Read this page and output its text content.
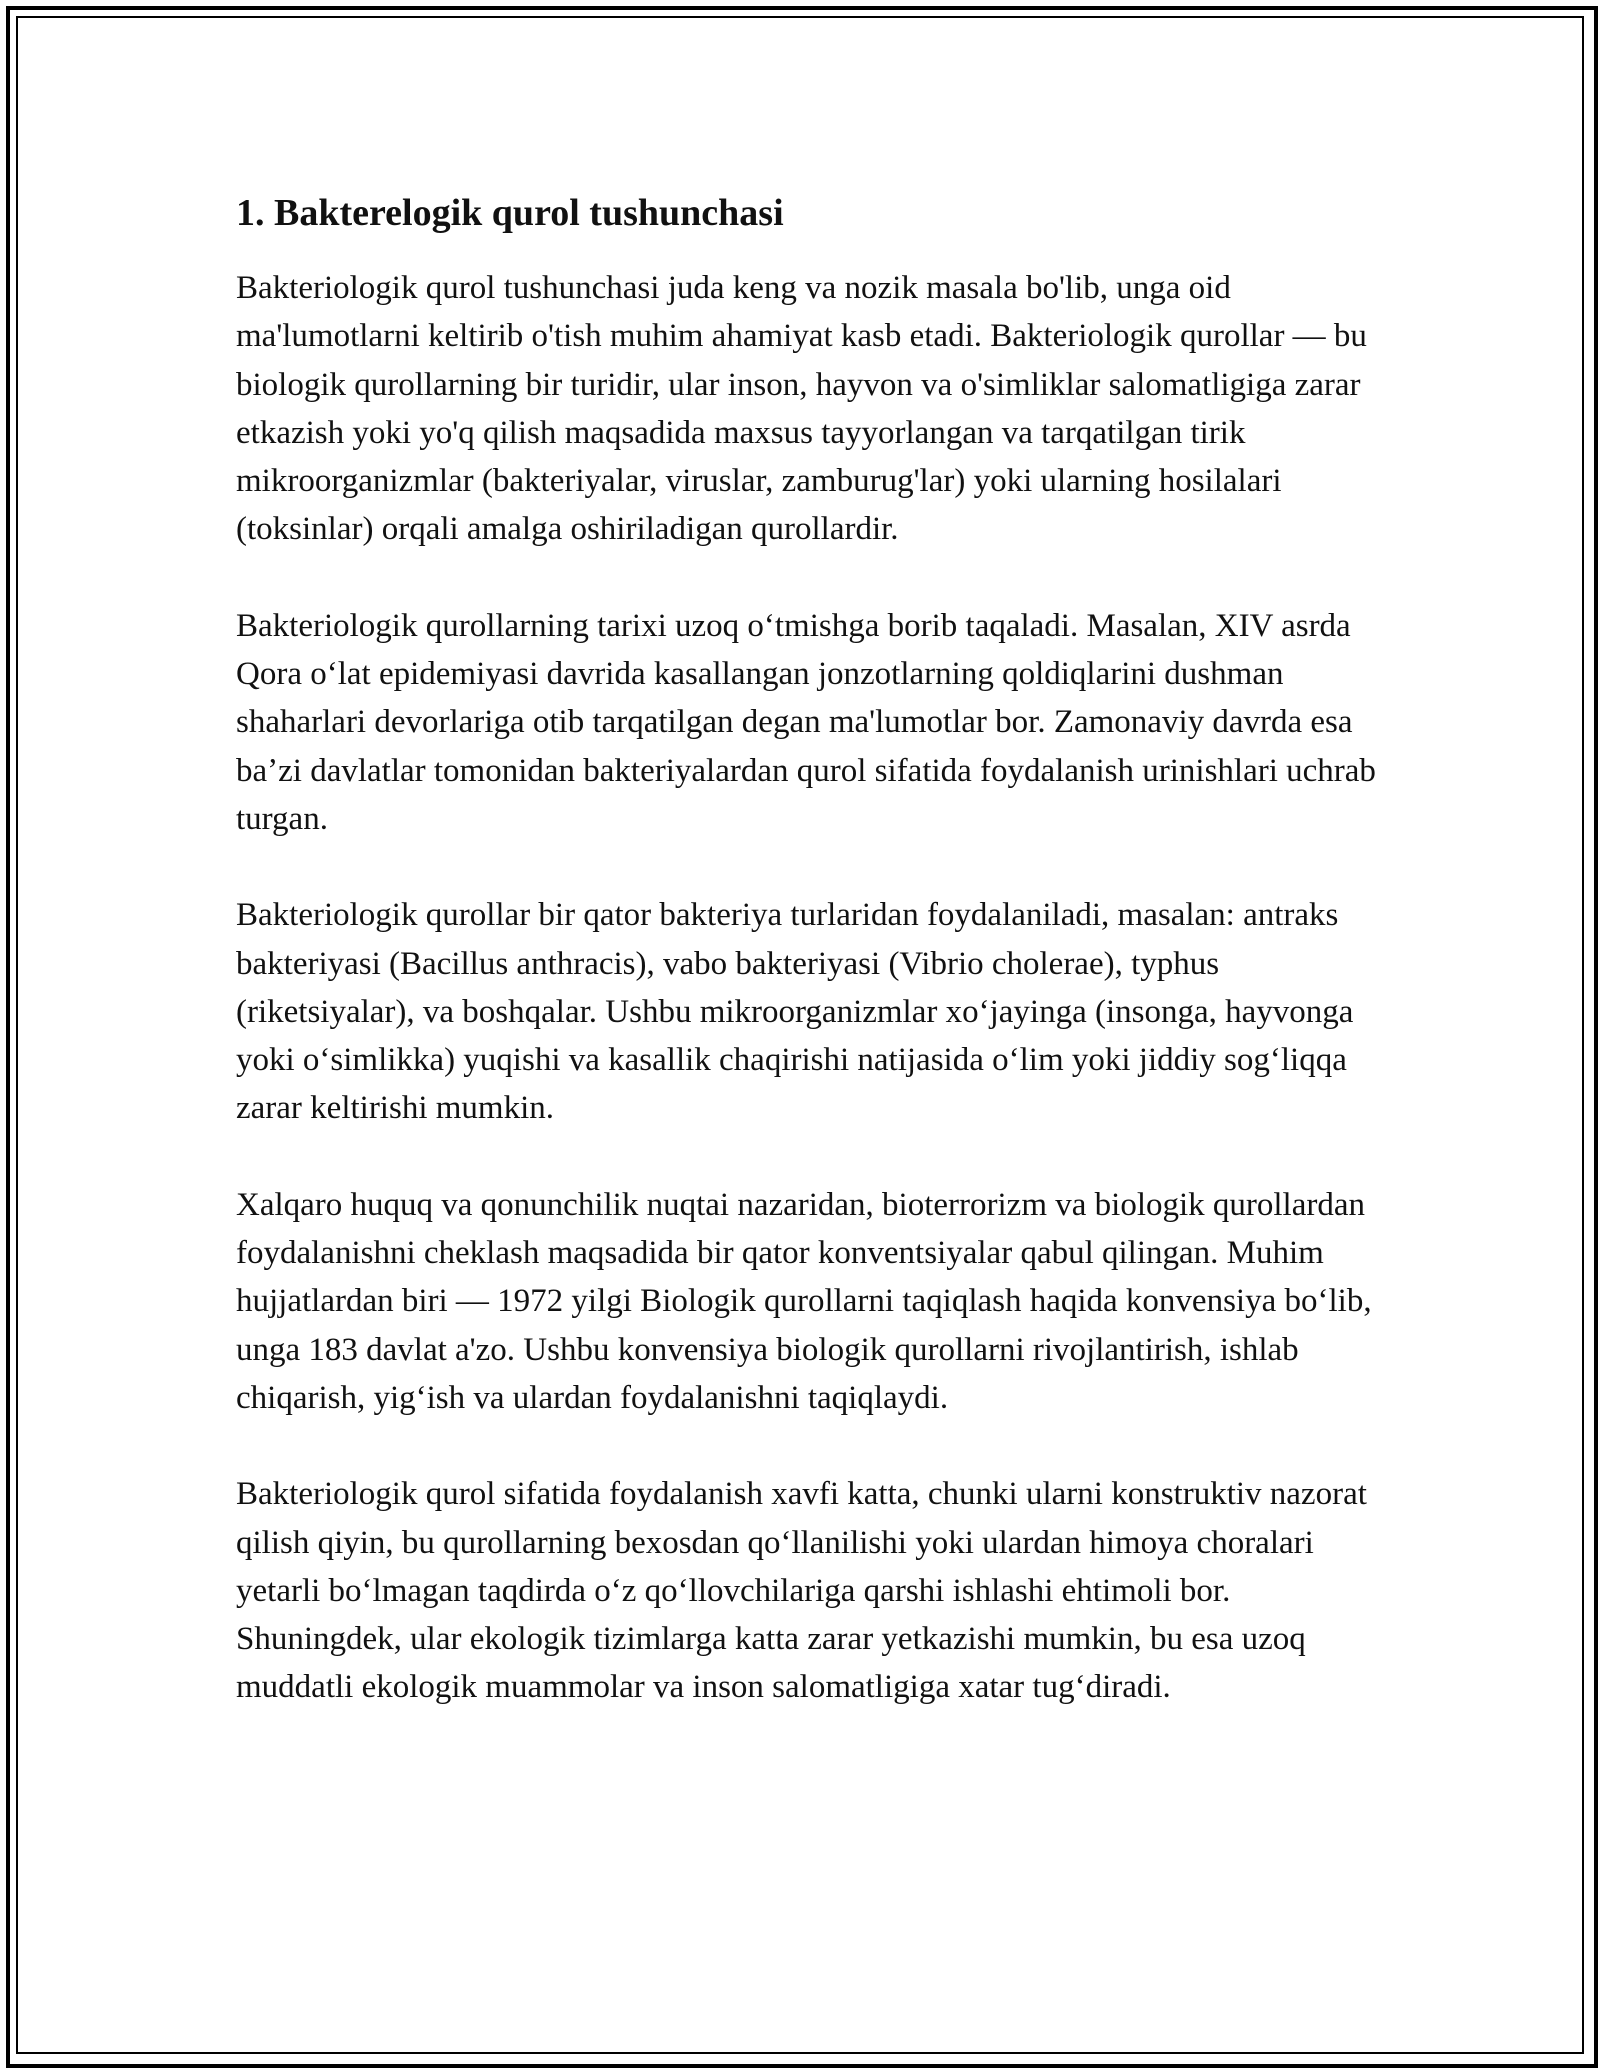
1. Bakterelogik qurol tushunchasi

Bakteriologik qurol tushunchasi juda keng va nozik masala bo'lib, unga oid ma'lumotlarni keltirib o'tish muhim ahamiyat kasb etadi. Bakteriologik qurollar — bu biologik qurollarning bir turidir, ular inson, hayvon va o'simliklar salomatligiga zarar etkazish yoki yo'q qilish maqsadida maxsus tayyorlangan va tarqatilgan tirik mikroorganizmlar (bakteriyalar, viruslar, zamburug'lar) yoki ularning hosilalari (toksinlar) orqali amalga oshiriladigan qurollardir.

Bakteriologik qurollarning tarixi uzoq oʻtmishga borib taqaladi. Masalan, XIV asrda Qora oʻlat epidemiyasi davrida kasallangan jonzotlarning qoldiqlarini dushman shaharlari devorlariga otib tarqatilgan degan ma'lumotlar bor. Zamonaviy davrda esa baʼzi davlatlar tomonidan bakteriyalardan qurol sifatida foydalanish urinishlari uchrab turgan.

Bakteriologik qurollar bir qator bakteriya turlaridan foydalaniladi, masalan: antraks bakteriyasi (Bacillus anthracis), vabo bakteriyasi (Vibrio cholerae), typhus (riketsiyalar), va boshqalar. Ushbu mikroorganizmlar xoʻjayinga (insonga, hayvonga yoki oʻsimlikka) yuqishi va kasallik chaqirishi natijasida oʻlim yoki jiddiy sogʻliqqa zarar keltirishi mumkin.

Xalqaro huquq va qonunchilik nuqtai nazaridan, bioterrorizm va biologik qurollardan foydalanishni cheklash maqsadida bir qator konventsiyalar qabul qilingan. Muhim hujjatlardan biri — 1972 yilgi Biologik qurollarni taqiqlash haqida konvensiya boʻlib, unga 183 davlat a'zo. Ushbu konvensiya biologik qurollarni rivojlantirish, ishlab chiqarish, yigʻish va ulardan foydalanishni taqiqlaydi.

Bakteriologik qurol sifatida foydalanish xavfi katta, chunki ularni konstruktiv nazorat qilish qiyin, bu qurollarning bexosdan qoʻllanilishi yoki ulardan himoya choralari yetarli boʻlmagan taqdirda oʻz qoʻllovchilariga qarshi ishlashi ehtimoli bor. Shuningdek, ular ekologik tizimlarga katta zarar yetkazishi mumkin, bu esa uzoq muddatli ekologik muammolar va inson salomatligiga xatar tugʻdiradi.
